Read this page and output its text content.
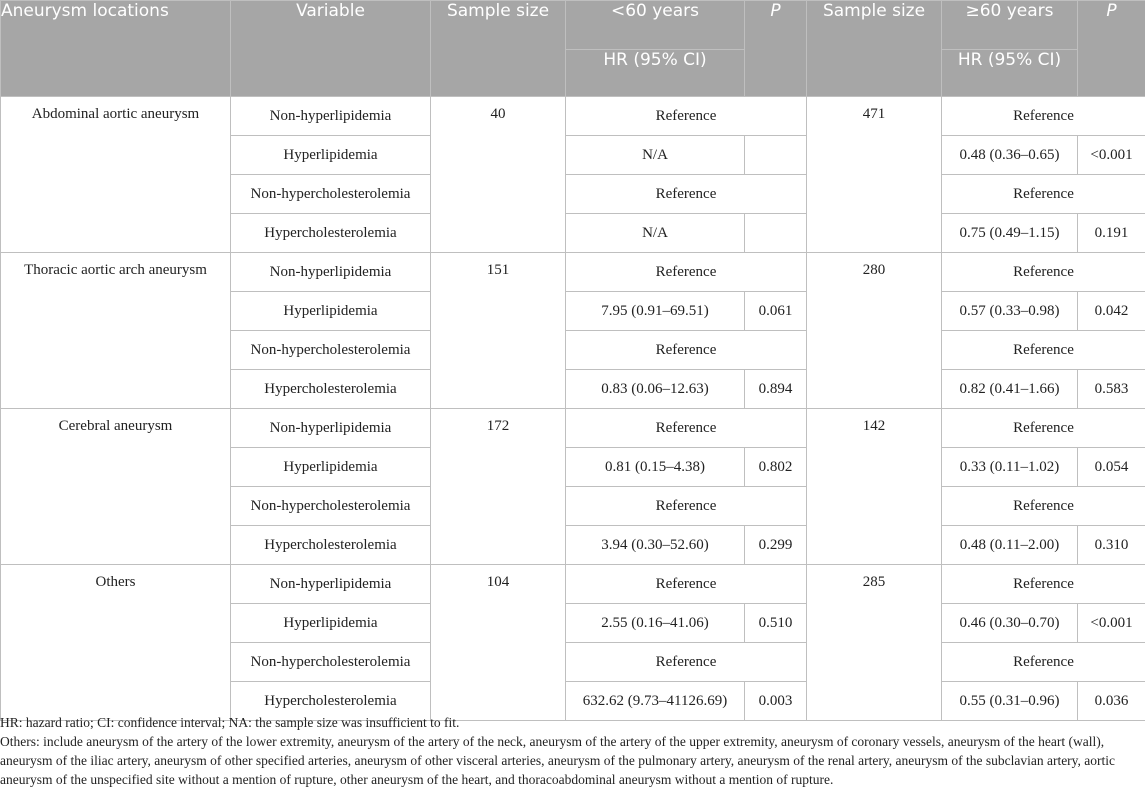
Aneurysm locations	Variable	Sample size	<60 years	P	Sample size	≥60 years	P
			HR (95% CI)			HR (95% CI)	
Abdominal aortic aneurysm	Non-hyperlipidemia	40	Reference		471	Reference	
	Hyperlipidemia		N/A			0.48 (0.36–0.65)	<0.001
	Non-hypercholesterolemia		Reference			Reference	
	Hypercholesterolemia		N/A			0.75 (0.49–1.15)	0.191
Thoracic aortic arch aneurysm	Non-hyperlipidemia	151	Reference		280	Reference	
	Hyperlipidemia		7.95 (0.91–69.51)	0.061		0.57 (0.33–0.98)	0.042
	Non-hypercholesterolemia		Reference			Reference	
	Hypercholesterolemia		0.83 (0.06–12.63)	0.894		0.82 (0.41–1.66)	0.583
Cerebral aneurysm	Non-hyperlipidemia	172	Reference		142	Reference	
	Hyperlipidemia		0.81 (0.15–4.38)	0.802		0.33 (0.11–1.02)	0.054
	Non-hypercholesterolemia		Reference			Reference	
	Hypercholesterolemia		3.94 (0.30–52.60)	0.299		0.48 (0.11–2.00)	0.310
Others	Non-hyperlipidemia	104	Reference		285	Reference	
	Hyperlipidemia		2.55 (0.16–41.06)	0.510		0.46 (0.30–0.70)	<0.001
	Non-hypercholesterolemia		Reference			Reference	
	Hypercholesterolemia		632.62 (9.73–41126.69)	0.003		0.55 (0.31–0.96)	0.036

HR: hazard ratio; CI: confidence interval; NA: the sample size was insufficient to fit.

Others: include aneurysm of the artery of the lower extremity, aneurysm of the artery of the neck, aneurysm of the artery of the upper extremity, aneurysm of coronary vessels, aneurysm of the heart (wall), aneurysm of the iliac artery, aneurysm of other specified arteries, aneurysm of other visceral arteries, aneurysm of the pulmonary artery, aneurysm of the renal artery, aneurysm of the subclavian artery, aortic aneurysm of the unspecified site without a mention of rupture, other aneurysm of the heart, and thoracoabdominal aneurysm without a mention of rupture.
